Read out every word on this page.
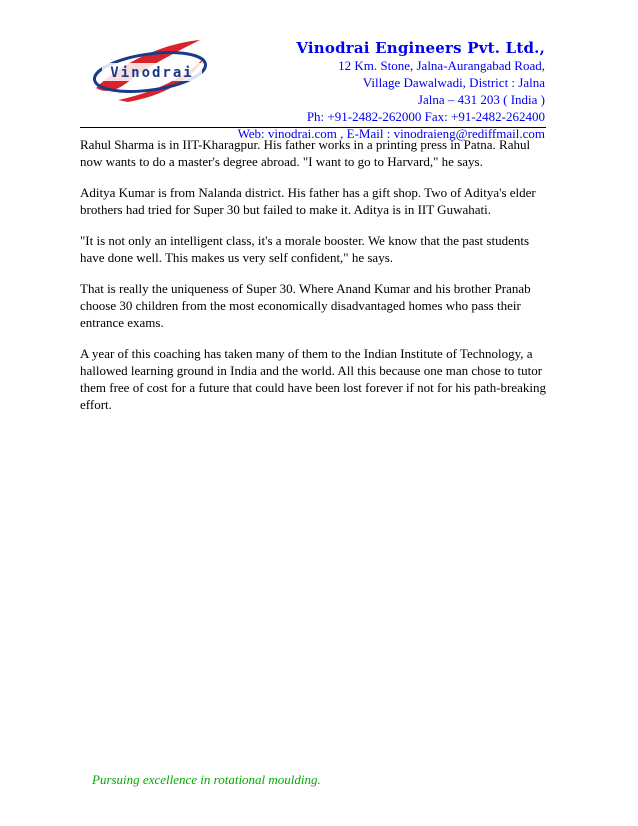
Vinodrai
Vinodrai Engineers Pvt. Ltd.,
12 Km. Stone, Jalna-Aurangabad Road,
Village Dawalwadi, District : Jalna
Jalna – 431 203 ( India )
Ph: +91-2482-262000 Fax: +91-2482-262400
Web: vinodrai.com , E-Mail : vinodraieng@rediffmail.com

Rahul Sharma is in IIT-Kharagpur. His father works in a printing press in Patna. Rahul now wants to do a master's degree abroad. "I want to go to Harvard," he says.

Aditya Kumar is from Nalanda district. His father has a gift shop. Two of Aditya's elder brothers had tried for Super 30 but failed to make it. Aditya is in IIT Guwahati.

"It is not only an intelligent class, it's a morale booster. We know that the past students have done well. This makes us very self confident," he says.

That is really the uniqueness of Super 30. Where Anand Kumar and his brother Pranab choose 30 children from the most economically disadvantaged homes who pass their entrance exams.

A year of this coaching has taken many of them to the Indian Institute of Technology, a hallowed learning ground in India and the world. All this because one man chose to tutor them free of cost for a future that could have been lost forever if not for his path-breaking effort.

Pursuing excellence in rotational moulding.
